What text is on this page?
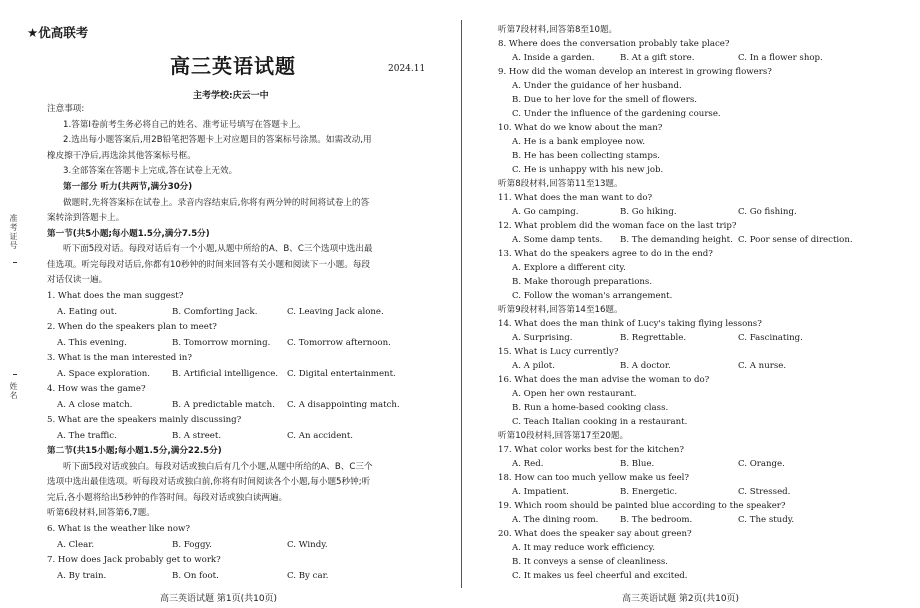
准考证号
姓名
★优高联考
高三英语试题	2024.11
主考学校:庆云一中
注意事项:
1.答第Ⅰ卷前考生务必将自己的姓名、准考证号填写在答题卡上。
2.选出每小题答案后,用2B铅笔把答题卡上对应题目的答案标号涂黑。如需改动,用
橡皮擦干净后,再选涂其他答案标号框。
3.全部答案在答题卡上完成,答在试卷上无效。
第一部分 听力(共两节,满分30分)
做题时,先将答案标在试卷上。录音内容结束后,你将有两分钟的时间将试卷上的答
案转涂到答题卡上。
第一节(共5小题;每小题1.5分,满分7.5分)
听下面5段对话。每段对话后有一个小题,从题中所给的A、B、C三个选项中选出最
佳选项。听完每段对话后,你都有10秒钟的时间来回答有关小题和阅读下一小题。每段
对话仅读一遍。
1. What does the man suggest?
A. Eating out.	B. Comforting Jack.	C. Leaving Jack alone.
2. When do the speakers plan to meet?
A. This evening.	B. Tomorrow morning. C. Tomorrow afternoon.
3. What is the man interested in?
A. Space exploration.	B. Artificial intelligence. C. Digital entertainment.
4. How was the game?
A. A close match.	B. A predictable match. C. A disappointing match.
5. What are the speakers mainly discussing?
A. The traffic.	B. A street.	C. An accident.
第二节(共15小题;每小题1.5分,满分22.5分)
听下面5段对话或独白。每段对话或独白后有几个小题,从题中所给的A、B、C三个
选项中选出最佳选项。听每段对话或独白前,你将有时间阅读各个小题,每小题5秒钟;听
完后,各小题将给出5秒钟的作答时间。每段对话或独白读两遍。
听第6段材料,回答第6,7题。
6. What is the weather like now?
A. Clear.	B. Foggy.	C. Windy.
7. How does Jack probably get to work?
A. By train.	B. On foot.	C. By car.
高三英语试题 第1页(共10页)
听第7段材料,回答第8至10题。
8. Where does the conversation probably take place?
A. Inside a garden.	B. At a gift store.	C. In a flower shop.
9. How did the woman develop an interest in growing flowers?
A. Under the guidance of her husband.
B. Due to her love for the smell of flowers.
C. Under the influence of the gardening course.
10. What do we know about the man?
A. He is a bank employee now.
B. He has been collecting stamps.
C. He is unhappy with his new job.
听第8段材料,回答第11至13题。
11. What does the man want to do?
A. Go camping.	B. Go hiking.	C. Go fishing.
12. What problem did the woman face on the last trip?
A. Some damp tents. B. The demanding height. C. Poor sense of direction.
13. What do the speakers agree to do in the end?
A. Explore a different city.
B. Make thorough preparations.
C. Follow the woman's arrangement.
听第9段材料,回答第14至16题。
14. What does the man think of Lucy's taking flying lessons?
A. Surprising.	B. Regrettable.	C. Fascinating.
15. What is Lucy currently?
A. A pilot.	B. A doctor.	C. A nurse.
16. What does the man advise the woman to do?
A. Open her own restaurant.
B. Run a home-based cooking class.
C. Teach Italian cooking in a restaurant.
听第10段材料,回答第17至20题。
17. What color works best for the kitchen?
A. Red.	B. Blue.	C. Orange.
18. How can too much yellow make us feel?
A. Impatient.	B. Energetic.	C. Stressed.
19. Which room should be painted blue according to the speaker?
A. The dining room.	B. The bedroom.	C. The study.
20. What does the speaker say about green?
A. It may reduce work efficiency.
B. It conveys a sense of cleanliness.
C. It makes us feel cheerful and excited.
高三英语试题 第2页(共10页)
